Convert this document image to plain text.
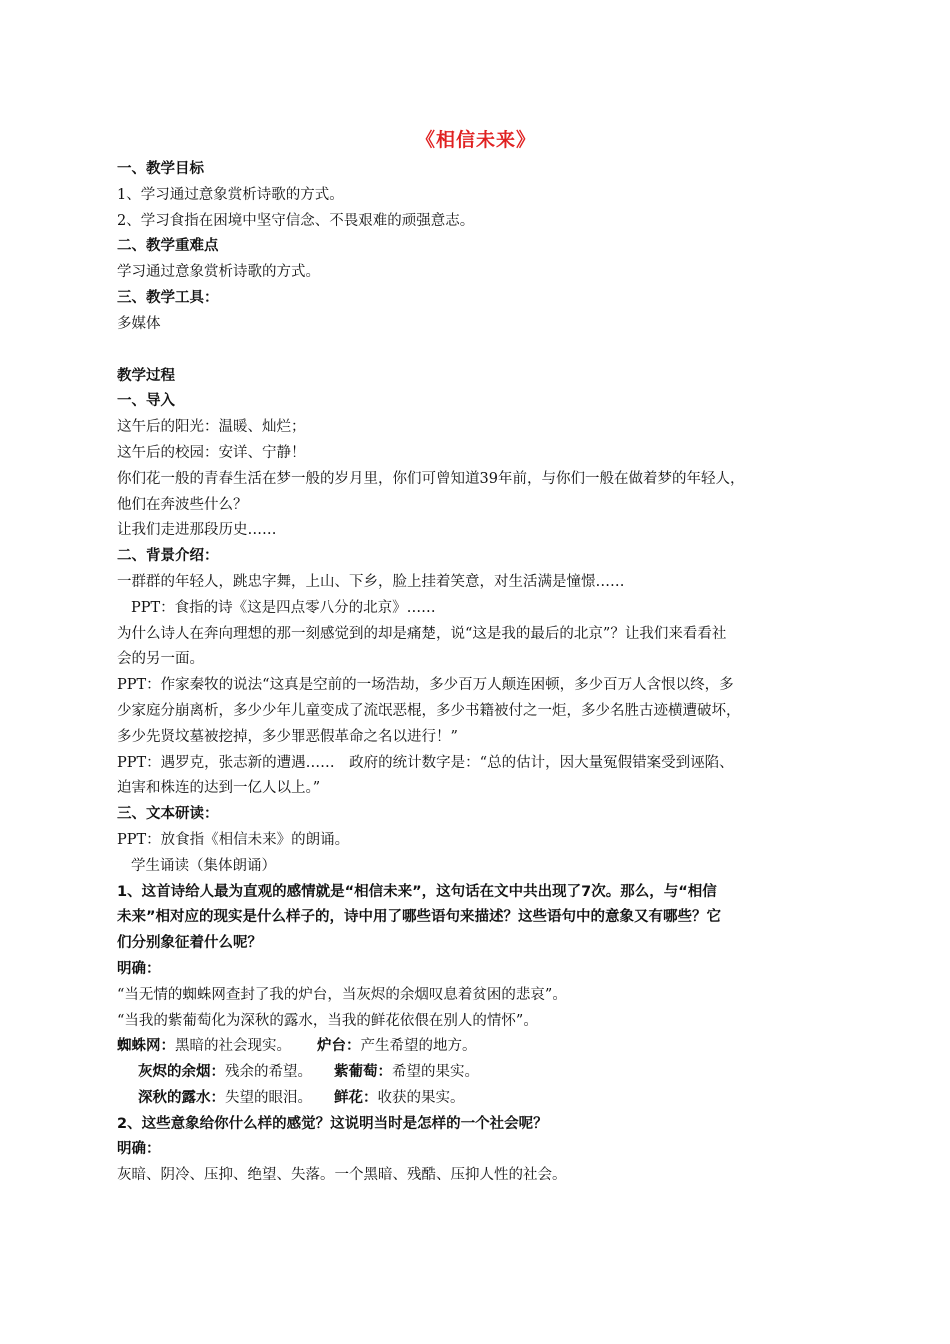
《相信未来》
一、教学目标
1、学习通过意象赏析诗歌的方式。
2、学习食指在困境中坚守信念、不畏艰难的顽强意志。
二、教学重难点
学习通过意象赏析诗歌的方式。
三、教学工具：
多媒体
教学过程
一、导入
这午后的阳光：温暖、灿烂；
这午后的校园：安详、宁静！
你们花一般的青春生活在梦一般的岁月里，你们可曾知道39年前，与你们一般在做着梦的年轻人，
他们在奔波些什么？
让我们走进那段历史……
二、背景介绍：
一群群的年轻人，跳忠字舞，上山、下乡，脸上挂着笑意，对生活满是憧憬……
PPT：食指的诗《这是四点零八分的北京》……
为什么诗人在奔向理想的那一刻感觉到的却是痛楚，说“这是我的最后的北京”？让我们来看看社
会的另一面。
PPT：作家秦牧的说法“这真是空前的一场浩劫，多少百万人颠连困顿，多少百万人含恨以终，多
少家庭分崩离析，多少少年儿童变成了流氓恶棍，多少书籍被付之一炬，多少名胜古迹横遭破坏，
多少先贤坟墓被挖掉，多少罪恶假革命之名以进行！”
PPT：遇罗克，张志新的遭遇……　政府的统计数字是：“总的估计，因大量冤假错案受到诬陷、
迫害和株连的达到一亿人以上。”
三、文本研读：
PPT：放食指《相信未来》的朗诵。
学生诵读（集体朗诵）
1、这首诗给人最为直观的感情就是“相信未来”，这句话在文中共出现了7次。那么，与“相信
未来”相对应的现实是什么样子的，诗中用了哪些语句来描述？这些语句中的意象又有哪些？它
们分别象征着什么呢？
明确：
“当无情的蜘蛛网查封了我的炉台，当灰烬的余烟叹息着贫困的悲哀”。
“当我的紫葡萄化为深秋的露水，当我的鲜花依偎在别人的情怀”。
蜘蛛网：黑暗的社会现实。 炉台：产生希望的地方。
灰烬的余烟：残余的希望。 紫葡萄：希望的果实。
深秋的露水：失望的眼泪。 鲜花：收获的果实。
2、这些意象给你什么样的感觉？这说明当时是怎样的一个社会呢？
明确：
灰暗、阴冷、压抑、绝望、失落。一个黑暗、残酷、压抑人性的社会。
